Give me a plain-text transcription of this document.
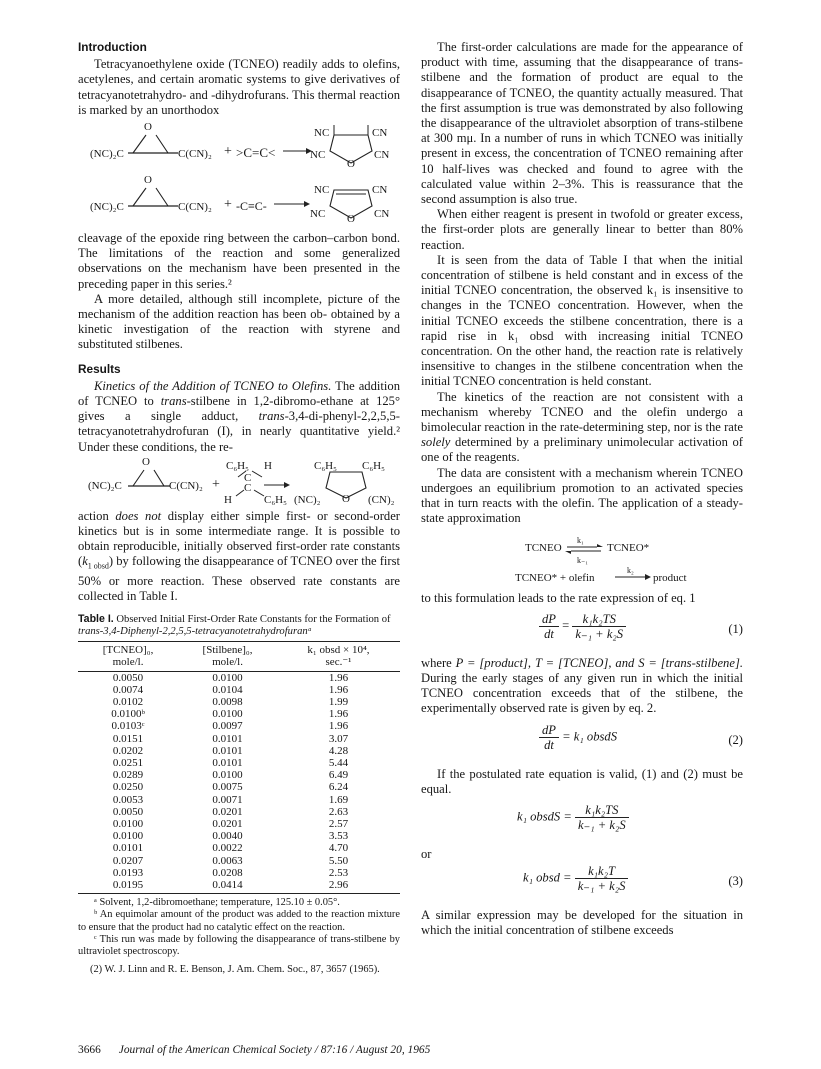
Introduction

Tetracyanoethylene oxide (TCNEO) readily adds to olefins, acetylenes, and certain aromatic systems to give derivatives of tetracyanotetrahydro- and -dihydrofurans. This thermal reaction is marked by an unorthodox

O
(NC)₂C	C(CN)₂ + >C=C<
NC
NC
CN
CN
O
O
(NC)₂C	C(CN)₂ + -C≡C-
NC
NC
CN
CN
O

cleavage of the epoxide ring between the carbon–carbon bond. The limitations of the reaction and some generalized observations on the mechanism have been presented in the preceding paper in this series.²

A more detailed, although still incomplete, picture of the mechanism of the addition reaction has been ob- obtained by a kinetic investigation of the reaction with styrene and substituted stilbenes.

Results

Kinetics of the Addition of TCNEO to Olefins. The addition of TCNEO to trans-stilbene in 1,2-dibromo-ethane at 125° gives a single adduct, trans-3,4-di-phenyl-2,2,5,5-tetracyanotetrahydrofuran (I), in nearly quantitative yield.² Under these conditions, the re-

O
(NC)₂C	C(CN)₂ +
C₆H₅ H
C
C
H	C₆H₅
C₆H₅ C₆H₅
(NC)₂	(CN)₂
O

action does not display either simple first- or second-order kinetics but is in some intermediate range. It is possible to obtain reproducible, initially observed first-order rate constants $(k_{1 obsd})$ by following the disappearance of TCNEO over the first 50% or more reaction. These observed rate constants are collected in Table I.

Table I. Observed Initial First-Order Rate Constants for the Formation of
trans-3,4-Diphenyl-2,2,5,5-tetracyanotetrahydrofuranᵃ
[TCNEO]₀,
mole/l.	[Stilbene]₀,
mole/l.	k₁ obsd × 10⁴,
sec.⁻¹
0.0050	0.0100	1.96
0.0074	0.0104	1.96
0.0102	0.0098	1.99
0.0100ᵇ	0.0100	1.96
0.0103ᶜ	0.0097	1.96
0.0151	0.0101	3.07
0.0202	0.0101	4.28
0.0251	0.0101	5.44
0.0289	0.0100	6.49
0.0250	0.0075	6.24
0.0053	0.0071	1.69
0.0050	0.0201	2.63
0.0100	0.0201	2.57
0.0100	0.0040	3.53
0.0101	0.0022	4.70
0.0207	0.0063	5.50
0.0193	0.0208	2.53
0.0195	0.0414	2.96

ᵃ Solvent, 1,2-dibromoethane; temperature, 125.10 ± 0.05°.

ᵇ An equimolar amount of the product was added to the reaction mixture to ensure that the product had no catalytic effect on the reaction.

ᶜ This run was made by following the disappearance of trans-stilbene by ultraviolet spectroscopy.

(2) W. J. Linn and R. E. Benson, J. Am. Chem. Soc., 87, 3657 (1965).

The first-order calculations are made for the appearance of product with time, assuming that the disappearance of trans-stilbene and the formation of product are equal to the disappearance of TCNEO, the quantity actually measured. That the first assumption is true was demonstrated by also following the disappearance of the ultraviolet absorption of trans-stilbene at 300 mμ. In a number of runs in which TCNEO was initially present in excess, the concentration of TCNEO remaining after 10 half-lives was checked and found to agree with the calculated value within 2–3%. This is reassurance that the second assumption is also true.

When either reagent is present in twofold or greater excess, the first-order plots are generally linear to better than 80% reaction.

It is seen from the data of Table I that when the initial concentration of stilbene is held constant and in excess of the initial TCNEO concentration, the observed k₁ is insensitive to changes in the TCNEO concentration. However, when the initial TCNEO exceeds the stilbene concentration, there is a rapid rise in k₁ obsd with increasing initial TCNEO concentration. On the other hand, the reaction rate is relatively insensitive to changes in the stilbene concentration when the initial TCNEO concentration is held constant.

The kinetics of the reaction are not consistent with a mechanism whereby TCNEO and the olefin undergo a bimolecular reaction in the rate-determining step, nor is the rate solely determined by a preliminary unimolecular activation of one of the reagents.

The data are consistent with a mechanism wherein TCNEO undergoes an equilibrium promotion to an activated species that in turn reacts with the olefin. The application of a steady-state approximation

TCNEO
k₁
k₋₁
TCNEO*
TCNEO* + olefin
k₂
product

to this formulation leads to the rate expression of eq. 1

$\frac{dP}{dt} = \frac{\text{k₁k₂TS}}{\text{k₋₁ + k₂S}}$	(1)

where P = [product], T = [TCNEO], and S = [trans-stilbene]. During the early stages of any given run in which the initial TCNEO concentration exceeds that of the stilbene, the experimentally observed rate is given by eq. 2.

$\frac{dP}{dt} = k_1$ obsdS	(2)

If the postulated rate equation is valid, (1) and (2) must be equal.

k₁ obsdS = $\frac{\text{k₁k₂TS}}{\text{k₋₁ + k₂S}}$

or

k₁ obsd = $\frac{\text{k₁k₂T}}{\text{k₋₁ + k₂S}}$	(3)

A similar expression may be developed for the situation in which the initial concentration of stilbene exceeds

3666 Journal of the American Chemical Society / 87:16 / August 20, 1965
